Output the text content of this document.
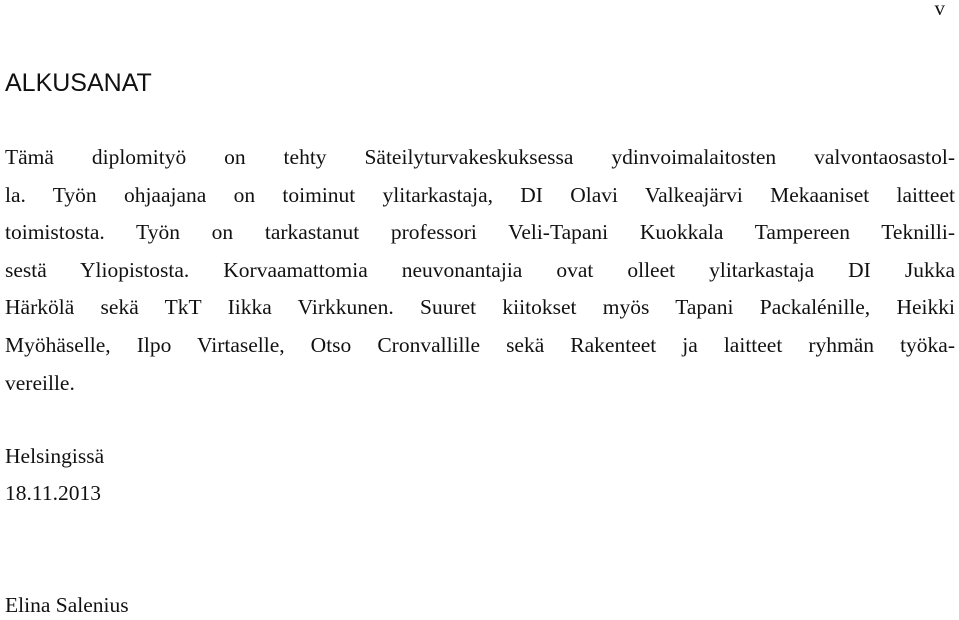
v
ALKUSANAT
Tämä diplomityö on tehty Säteilyturvakeskuksessa ydinvoimalaitosten valvontaosastol-
la. Työn ohjaajana on toiminut ylitarkastaja, DI Olavi Valkeajärvi Mekaaniset laitteet
toimistosta. Työn on tarkastanut professori Veli-Tapani Kuokkala Tampereen Teknilli-
sestä Yliopistosta. Korvaamattomia neuvonantajia ovat olleet ylitarkastaja DI Jukka
Härkölä sekä TkT Iikka Virkkunen. Suuret kiitokset myös Tapani Packalénille, Heikki
Myöhäselle, Ilpo Virtaselle, Otso Cronvallille sekä Rakenteet ja laitteet ryhmän työka-
vereille.
Helsingissä
18.11.2013
Elina Salenius
